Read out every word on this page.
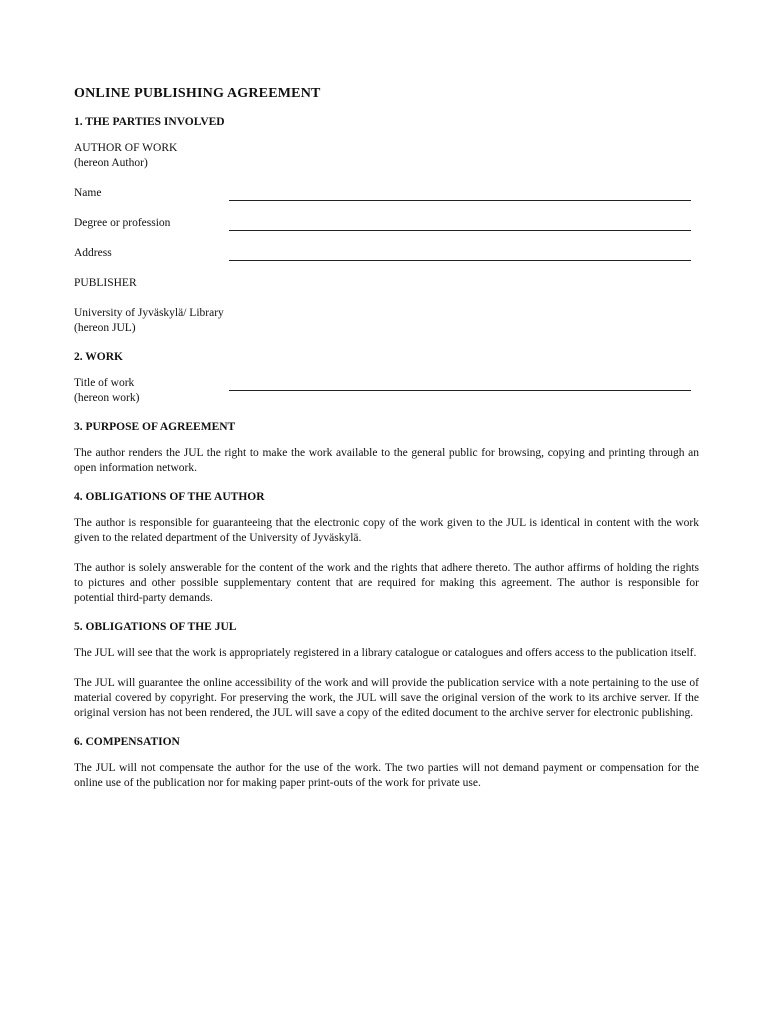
ONLINE PUBLISHING AGREEMENT
1. THE PARTIES INVOLVED
AUTHOR OF WORK
(hereon Author)
Name
Degree or profession
Address
PUBLISHER
University of Jyväskylä/ Library
(hereon JUL)
2. WORK
Title of work
(hereon work)
3. PURPOSE OF AGREEMENT
The author renders the JUL the right to make the work available to the general public for browsing, copying and printing through an open information network.
4. OBLIGATIONS OF THE AUTHOR
The author is responsible for guaranteeing that the electronic copy of the work given to the JUL is identical in content with the work given to the related department of the University of Jyväskylä.
The author is solely answerable for the content of the work and the rights that adhere thereto. The author affirms of holding the rights to pictures and other possible supplementary content that are required for making this agreement. The author is responsible for potential third-party demands.
5. OBLIGATIONS OF THE JUL
The JUL will see that the work is appropriately registered in a library catalogue or catalogues and offers access to the publication itself.
The JUL will guarantee the online accessibility of the work and will provide the publication service with a note pertaining to the use of material covered by copyright. For preserving the work, the JUL will save the original version of the work to its archive server. If the original version has not been rendered, the JUL will save a copy of the edited document to the archive server for electronic publishing.
6. COMPENSATION
The JUL will not compensate the author for the use of the work. The two parties will not demand payment or compensation for the online use of the publication nor for making paper print-outs of the work for private use.
